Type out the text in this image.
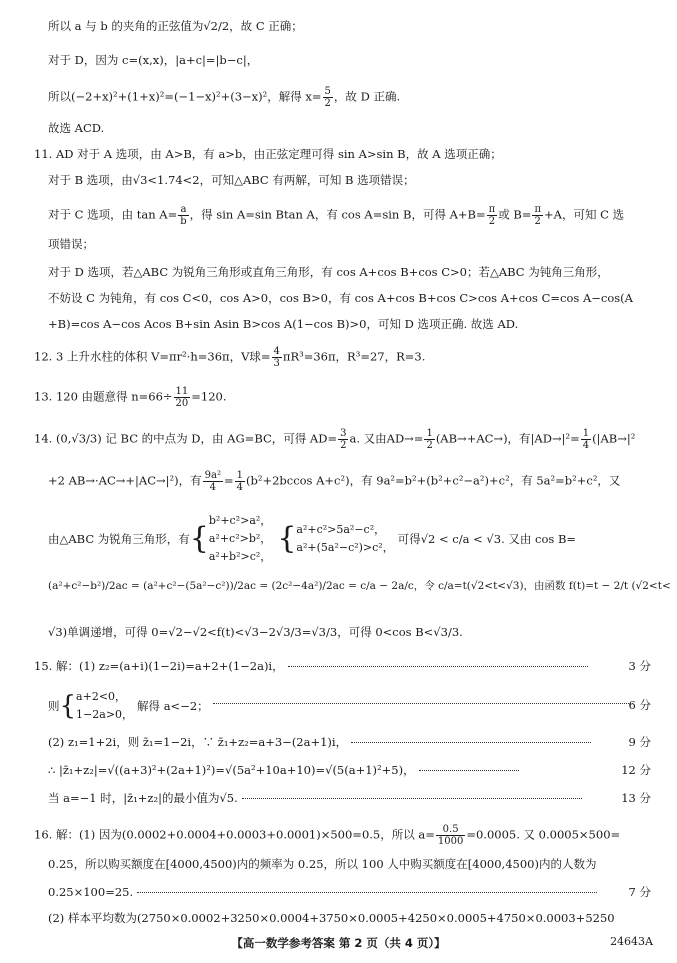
所以 a 与 b 的夹角的正弦值为√2/2，故 C 正确；
对于 D，因为 c=(x,x)，|a+c|=|b−c|，
所以(−2+x)²+(1+x)²=(−1−x)²+(3−x)²，解得 $x= \frac{5}{2}$ ，故 D 正确.
故选 ACD.
11. AD 对于 A 选项，由 A>B，有 a>b，由正弦定理可得 sin A>sin B，故 A 选项正确；
对于 B 选项，由√3<1.74<2，可知△ABC 有两解，可知 B 选项错误；
对于 C 选项，由 $\tan A= \frac{a}{b}$ ，得 sin A=sin Btan A，有 cos A=sin B，可得 $A+B= \frac{\pi}{2}$ 或 $B= \frac{\pi}{2} +A$，可知 C 选
项错误；
对于 D 选项，若△ABC 为锐角三角形或直角三角形，有 cos A+cos B+cos C>0；若△ABC 为钝角三角形，
不妨设 C 为钝角，有 cos C<0，cos A>0，cos B>0，有 cos A+cos B+cos C>cos A+cos C=cos A−cos(A
+B)=cos A−cos Acos B+sin Asin B>cos A(1−cos B)>0，可知 D 选项正确. 故选 AD.
12. 3 上升水柱的体积 V=πr²·h=36π，V球= $\frac{4}{3} \pi R^3=36\pi$，R³=27，R=3.
13. 120 由题意得 $n=66\div \frac{11}{20} =120$.
14. (0,√3/3) 记 BC 的中点为 D，由 AG=BC，可得 $AD= \frac{3}{2} a$. 又由$AD\to= \frac{1}{2} (AB\to+AC\to)$，有$|AD\to|^2= \frac{1}{4} (|AB\to|^2$
+2 AB→·AC→+|AC→|²)，有 $\frac{\text{9a²}}{4} = \frac{1}{4} (b^2+2bccos$ A+c²)，有 9a²=b²+(b²+c²−a²)+c²，有 5a²=b²+c²，又
由△ABC 为锐角三角形，有{
b²+c²>a²，
a²+c²>b²，
a²+b²>c²，
{ a²+c²>5a²−c²，
a²+(5a²−c²)>c²，
可得√2 < c/a < √3. 又由 cos B=
(a²+c²−b²)/2ac = (a²+c²−(5a²−c²))/2ac = (2c²−4a²)/2ac = c/a − 2a/c，令 c/a=t(√2<t<√3)，由函数 f(t)=t − 2/t (√2<t<
√3)单调递增，可得 0=√2−√2<f(t)<√3−2√3/3=√3/3，可得 0<cos B<√3/3.
15. 解：(1) z₂=(a+i)(1−2i)=a+2+(1−2a)i，	3 分
则{ a+2<0，
1−2a>0，
解得 a<−2；	6 分
(2) z₁=1+2i，则 z̄₁=1−2i，∵ z̄₁+z₂=a+3−(2a+1)i，	9 分
∴ |z̄₁+z₂|=√((a+3)²+(2a+1)²)=√(5a²+10a+10)=√(5(a+1)²+5)，	12 分
当 a=−1 时，|z̄₁+z₂|的最小值为√5.	13 分
16. 解：(1) 因为(0.0002+0.0004+0.0003+0.0001)×500=0.5，所以 $a= \frac{0.5}{1000} =0.0005$. 又 0.0005×500=
0.25，所以购买额度在[4000,4500)内的频率为 0.25，所以 100 人中购买额度在[4000,4500)内的人数为
0.25×100=25.	7 分
(2) 样本平均数为(2750×0.0002+3250×0.0004+3750×0.0005+4250×0.0005+4750×0.0003+5250
【高一数学参考答案 第 2 页（共 4 页）】	24643A
